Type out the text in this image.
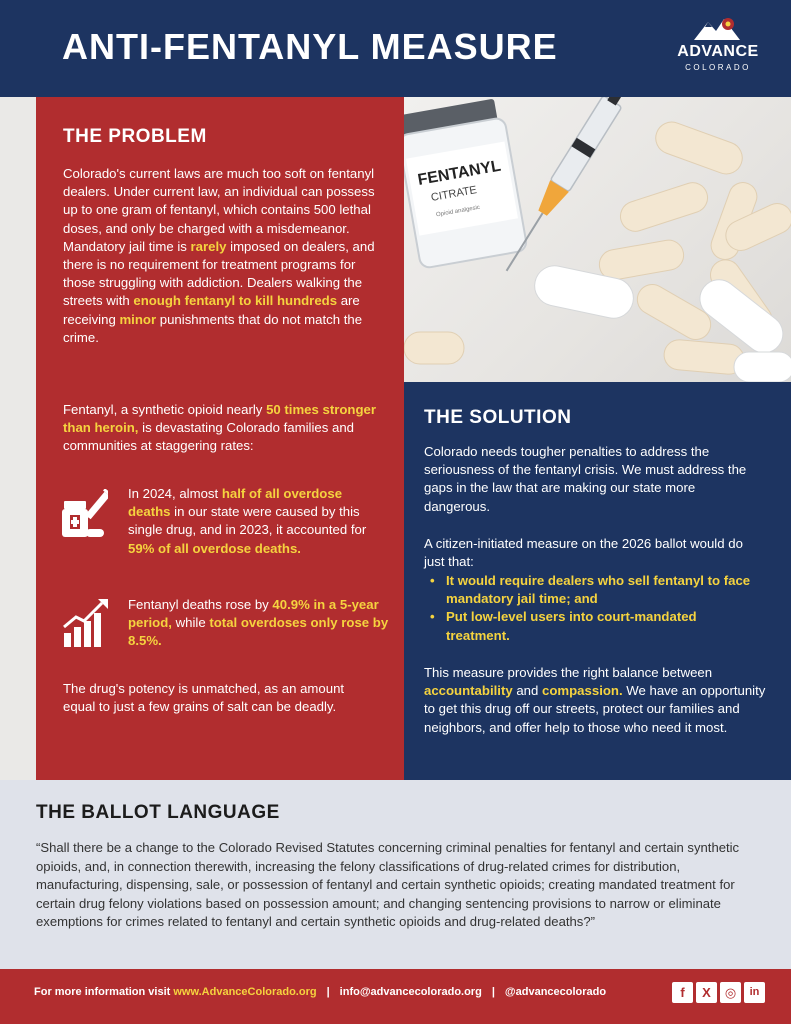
ANTI-FENTANYL MEASURE	ADVANCE
COLORADO
FENTANYL
CITRATE
Opioid analgesic
THE PROBLEM
Colorado's current laws are much too soft on fentanyl dealers. Under current law, an individual can possess up to one gram of fentanyl, which contains 500 lethal doses, and only be charged with a misdemeanor. Mandatory jail time is rarely imposed on dealers, and there is no requirement for treatment programs for those struggling with addiction. Dealers walking the streets with enough fentanyl to kill hundreds are receiving minor punishments that do not match the crime.
Fentanyl, a synthetic opioid nearly 50 times stronger than heroin, is devastating Colorado families and communities at staggering rates:
In 2024, almost half of all overdose deaths in our state were caused by this single drug, and in 2023, it accounted for 59% of all overdose deaths.
Fentanyl deaths rose by 40.9% in a 5-year period, while total overdoses only rose by 8.5%.
The drug's potency is unmatched, as an amount equal to just a few grains of salt can be deadly.
THE SOLUTION
Colorado needs tougher penalties to address the seriousness of the fentanyl crisis. We must address the gaps in the law that are making our state more dangerous.
A citizen-initiated measure on the 2026 ballot would do just that:
• It would require dealers who sell fentanyl to face mandatory jail time; and
• Put low-level users into court-mandated treatment.
This measure provides the right balance between accountability and compassion. We have an opportunity to get this drug off our streets, protect our families and neighbors, and offer help to those who need it most.
THE BALLOT LANGUAGE
“Shall there be a change to the Colorado Revised Statutes concerning criminal penalties for fentanyl and certain synthetic opioids, and, in connection therewith, increasing the felony classifications of drug-related crimes for distribution, manufacturing, dispensing, sale, or possession of fentanyl and certain synthetic opioids; creating mandated treatment for certain drug felony violations based on possession amount; and changing sentencing provisions to narrow or eliminate exemptions for crimes related to fentanyl and certain synthetic opioids and drug-related deaths?”
For more information visit www.AdvanceColorado.org | info@advancecolorado.org | @advancecolorado	f	X	◎	in
